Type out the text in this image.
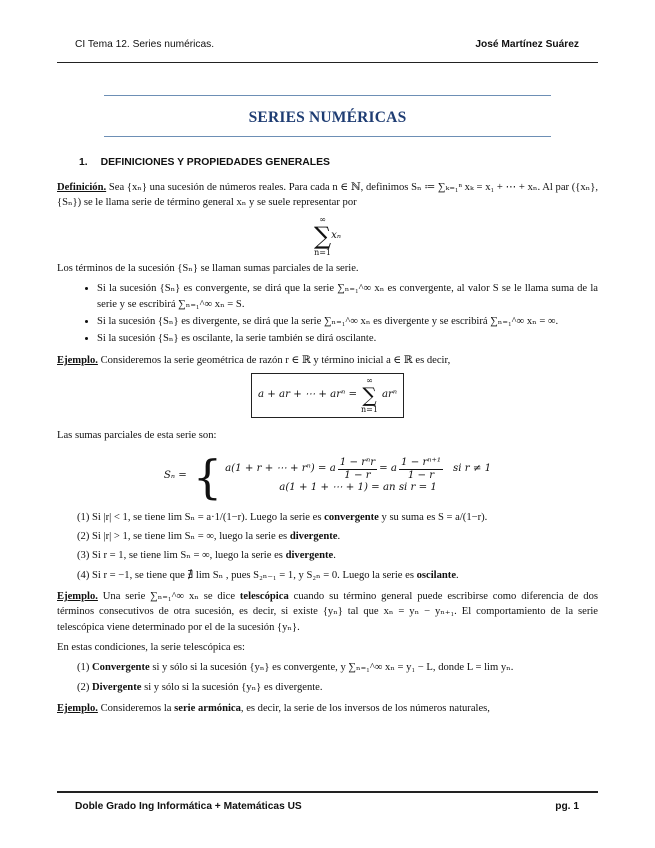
CI Tema 12. Series numéricas.	José Martínez Suárez
SERIES NUMÉRICAS
1. DEFINICIONES Y PROPIEDADES GENERALES

Definición. Sea {xₙ} una sucesión de números reales. Para cada n ∈ ℕ, definimos Sₙ ≔ ∑ₖ₌₁ⁿ xₖ = x₁ + ⋯ + xₙ. Al par ({xₙ}, {Sₙ}) se le llama serie de término general xₙ y se suele representar por

∞
∑
n=1
xₙ

Los términos de la sucesión {Sₙ} se llaman sumas parciales de la serie.

• Si la sucesión {Sₙ} es convergente, se dirá que la serie ∑ₙ₌₁^∞ xₙ es convergente, al valor S se le llama suma de la serie y se escribirá ∑ₙ₌₁^∞ xₙ = S.
• Si la sucesión {Sₙ} es divergente, se dirá que la serie ∑ₙ₌₁^∞ xₙ es divergente y se escribirá ∑ₙ₌₁^∞ xₙ = ∞.
• Si la sucesión {Sₙ} es oscilante, la serie también se dirá oscilante.

Ejemplo. Consideremos la serie geométrica de razón r ∈ ℝ y término inicial a ∈ ℝ es decir,

a + ar + ⋯ + arⁿ =
∞
∑
n=1
arⁿ

Las sumas parciales de esta serie son:

Sₙ = { a(1 + r + ⋯ + rⁿ) = a $\frac{\text{1 − rⁿr}}{1 - r} = a \frac{\text{1 − rⁿ⁺¹}}{1 - r}$ si r ≠ 1
a(1 + 1 + ⋯ + 1) = an si r = 1
(1) Si |r| < 1, se tiene lim Sₙ = a·1/(1−r). Luego la serie es convergente y su suma es S = a/(1−r).
(2) Si |r| > 1, se tiene lim Sₙ = ∞, luego la serie es divergente.
(3) Si r = 1, se tiene lim Sₙ = ∞, luego la serie es divergente.
(4) Si r = −1, se tiene que ∄ lim Sₙ , pues S₂ₙ₋₁ = 1, y S₂ₙ = 0. Luego la serie es oscilante.

Ejemplo. Una serie ∑ₙ₌₁^∞ xₙ se dice telescópica cuando su término general puede escribirse como diferencia de dos términos consecutivos de otra sucesión, es decir, si existe {yₙ} tal que xₙ = yₙ − yₙ₊₁. El comportamiento de la serie telescópica viene determinado por el de la sucesión {yₙ}.

En estas condiciones, la serie telescópica es:

(1) Convergente si y sólo si la sucesión {yₙ} es convergente, y ∑ₙ₌₁^∞ xₙ = y₁ − L, donde L = lim yₙ.
(2) Divergente si y sólo si la sucesión {yₙ} es divergente.

Ejemplo. Consideremos la serie armónica, es decir, la serie de los inversos de los números naturales,

Doble Grado Ing Informática + Matemáticas US	pg. 1
